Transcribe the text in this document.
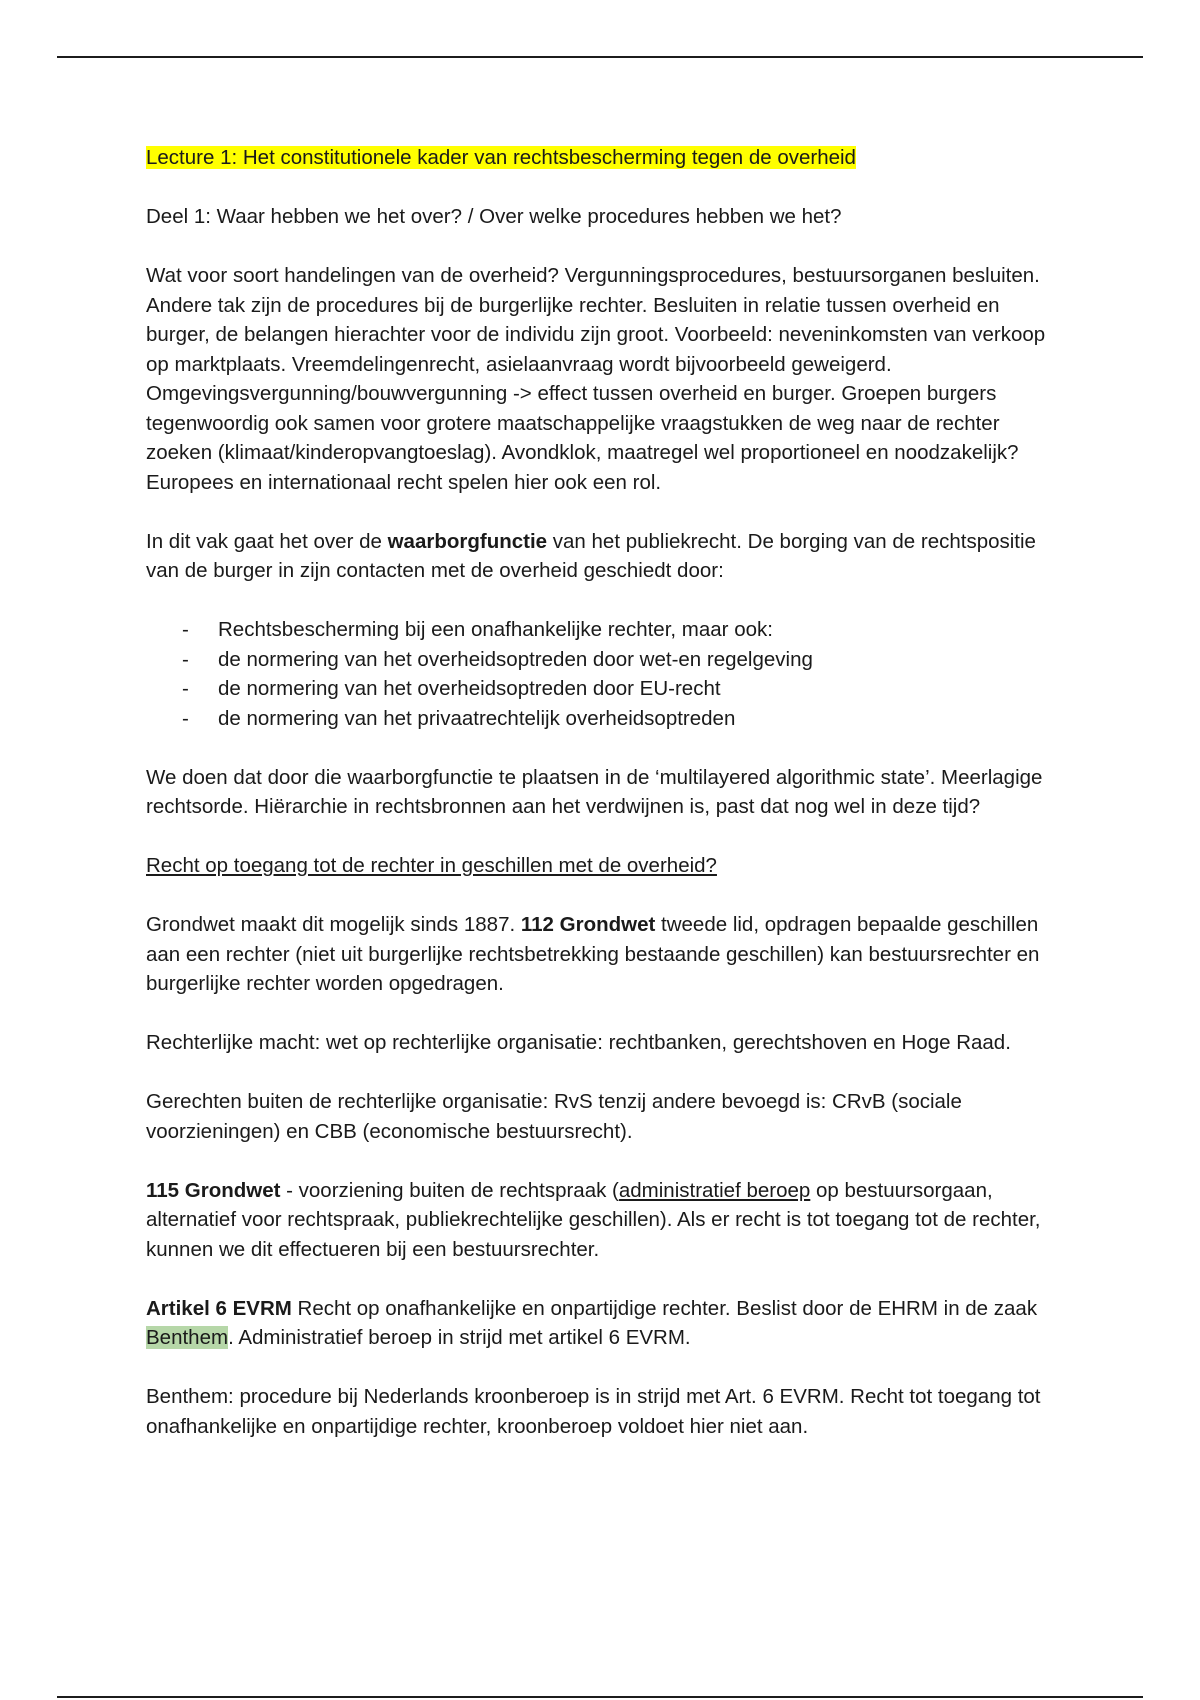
Lecture 1: Het constitutionele kader van rechtsbescherming tegen de overheid

Deel 1: Waar hebben we het over? / Over welke procedures hebben we het?

Wat voor soort handelingen van de overheid? Vergunningsprocedures, bestuursorganen besluiten. Andere tak zijn de procedures bij de burgerlijke rechter. Besluiten in relatie tussen overheid en burger, de belangen hierachter voor de individu zijn groot. Voorbeeld: neveninkomsten van verkoop op marktplaats. Vreemdelingenrecht, asielaanvraag wordt bijvoorbeeld geweigerd. Omgevingsvergunning/bouwvergunning -> effect tussen overheid en burger. Groepen burgers tegenwoordig ook samen voor grotere maatschappelijke vraagstukken de weg naar de rechter zoeken (klimaat/kinderopvangtoeslag). Avondklok, maatregel wel proportioneel en noodzakelijk? Europees en internationaal recht spelen hier ook een rol.

In dit vak gaat het over de waarborgfunctie van het publiekrecht. De borging van de rechtspositie van de burger in zijn contacten met de overheid geschiedt door:

- Rechtsbescherming bij een onafhankelijke rechter, maar ook:
- de normering van het overheidsoptreden door wet-en regelgeving
- de normering van het overheidsoptreden door EU-recht
- de normering van het privaatrechtelijk overheidsoptreden

We doen dat door die waarborgfunctie te plaatsen in de ‘multilayered algorithmic state’. Meerlagige rechtsorde. Hiërarchie in rechtsbronnen aan het verdwijnen is, past dat nog wel in deze tijd?

Recht op toegang tot de rechter in geschillen met de overheid?

Grondwet maakt dit mogelijk sinds 1887. 112 Grondwet tweede lid, opdragen bepaalde geschillen aan een rechter (niet uit burgerlijke rechtsbetrekking bestaande geschillen) kan bestuursrechter en burgerlijke rechter worden opgedragen.

Rechterlijke macht: wet op rechterlijke organisatie: rechtbanken, gerechtshoven en Hoge Raad.

Gerechten buiten de rechterlijke organisatie: RvS tenzij andere bevoegd is: CRvB (sociale voorzieningen) en CBB (economische bestuursrecht).

115 Grondwet - voorziening buiten de rechtspraak (administratief beroep op bestuursorgaan, alternatief voor rechtspraak, publiekrechtelijke geschillen). Als er recht is tot toegang tot de rechter, kunnen we dit effectueren bij een bestuursrechter.

Artikel 6 EVRM Recht op onafhankelijke en onpartijdige rechter. Beslist door de EHRM in de zaak Benthem. Administratief beroep in strijd met artikel 6 EVRM.

Benthem: procedure bij Nederlands kroonberoep is in strijd met Art. 6 EVRM. Recht tot toegang tot onafhankelijke en onpartijdige rechter, kroonberoep voldoet hier niet aan.
